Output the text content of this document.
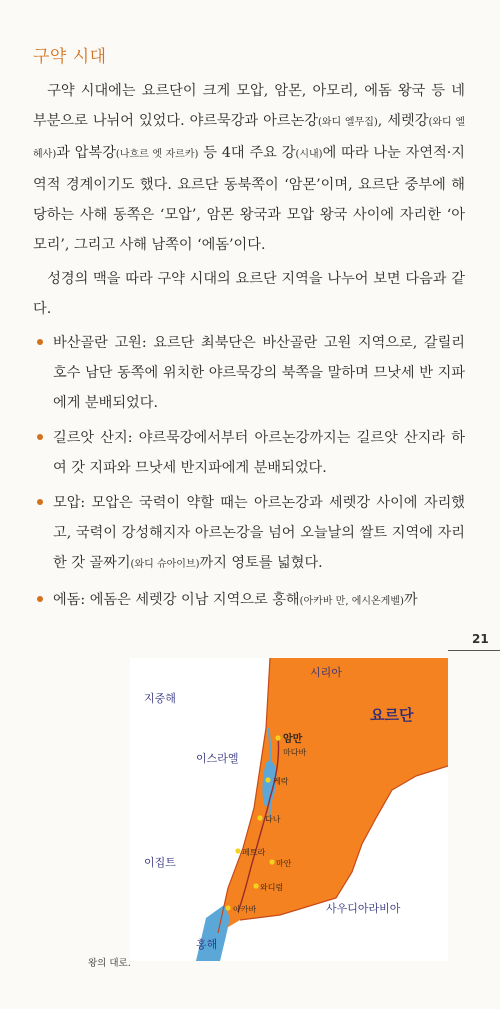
구약 시대

구약 시대에는 요르단이 크게 모압, 암몬, 아모리, 에돔 왕국 등 네 부분으로 나뉘어 있었다. 야르묵강과 아르논강(와디 엘무집), 세렛강(와디 엘헤사)과 압복강(나흐르 엣 자르카) 등 4대 주요 강(시내)에 따라 나눈 자연적·지역적 경계이기도 했다. 요르단 동북쪽이 ‘암몬’이며, 요르단 중부에 해당하는 사해 동쪽은 ‘모압’, 암몬 왕국과 모압 왕국 사이에 자리한 ‘아모리’, 그리고 사해 남쪽이 ‘에돔’이다.

성경의 맥을 따라 구약 시대의 요르단 지역을 나누어 보면 다음과 같다.

바산골란 고원: 요르단 최북단은 바산골란 고원 지역으로, 갈릴리 호수 남단 동쪽에 위치한 야르묵강의 북쪽을 말하며 므낫세 반 지파에게 분배되었다.
길르앗 산지: 야르묵강에서부터 아르논강까지는 길르앗 산지라 하여 갓 지파와 므낫세 반지파에게 분배되었다.
모압: 모압은 국력이 약할 때는 아르논강과 세렛강 사이에 자리했고, 국력이 강성해지자 아르논강을 넘어 오늘날의 쌀트 지역에 자리한 갓 골짜기(와디 슈아이브)까지 영토를 넓혔다.
에돔: 에돔은 세렛강 이남 지역으로 홍해(아카바 만, 에시온게벨)까
21
시리아
지중해
요르단
이스라엘
이집트
사우디아라비아
홍해
암만
마다바
케락
다나
페트라
마안
와디럼
아카바
왕의 대로.
